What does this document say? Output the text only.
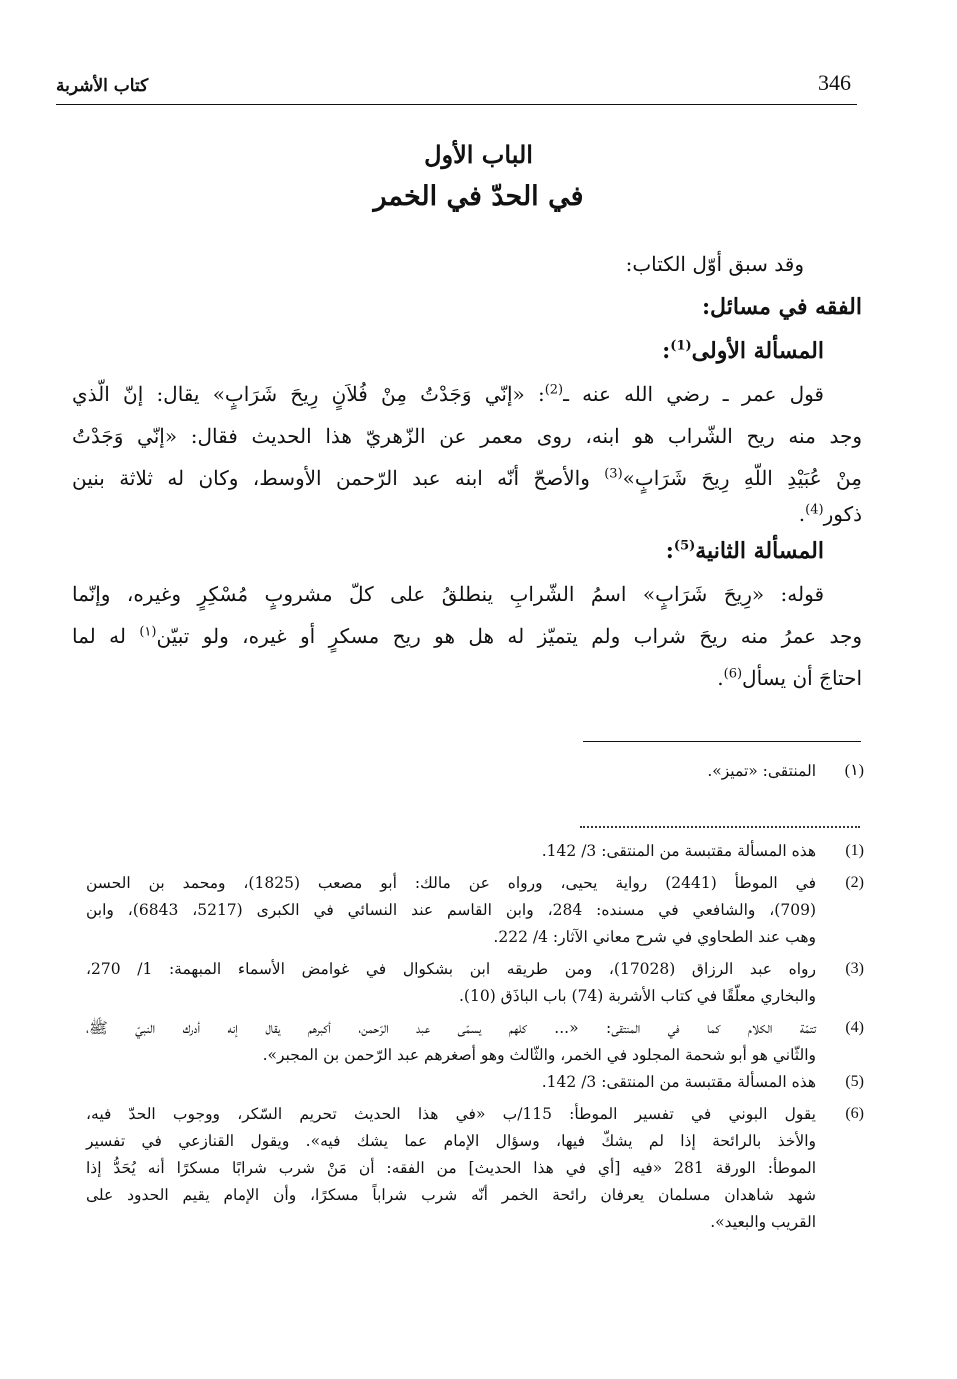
346
كتاب الأشربة
الباب الأول
في الحدّ في الخمر
وقد سبق أوّل الكتاب:
الفقه في مسائل:
المسألة الأولى$^{(1)}$:
قول عمر ـ رضي الله عنه ـ$^{(2)}$: «إنّي وَجَدْتُ مِنْ فُلاَنٍ رِيحَ شَرَابٍ» يقال: إنّ الّذي
وجد منه ريح الشّراب هو ابنه، روى معمر عن الزّهريّ هذا الحديث فقال: «إنّي وَجَدْتُ
مِنْ عُبَيْدِ اللّهِ رِيحَ شَرَابٍ»$^{(3)}$ والأصحّ أنّه ابنه عبد الرّحمن الأوسط، وكان له ثلاثة بنين
ذكور$^{(4)}$.
المسألة الثانية$^{(5)}$:
قوله: «رِيحَ شَرَابٍ» اسمُ الشّرابِ ينطلقُ على كلّ مشروبٍ مُسْكِرٍ وغيره، وإنّما
وجد عمرُ منه ريحَ شراب ولم يتميّز له هل هو ريح مسكرٍ أو غيره، ولو تبيّن$^{(١)}$ له لما
احتاجَ أن يسأل$^{(6)}$.
(١)
المنتقى: «تميز».
(1)
هذه المسألة مقتبسة من المنتقى: 3/ 142.
(2)
في الموطأ (2441) رواية يحيى، ورواه عن مالك: أبو مصعب (1825)، ومحمد بن الحسن
(709)، والشافعي في مسنده: 284، وابن القاسم عند النسائي في الكبرى (5217، 6843)، وابن
وهب عند الطحاوي في شرح معاني الآثار: 4/ 222.
(3)
رواه عبد الرزاق (17028)، ومن طريقه ابن بشكوال في غوامض الأسماء المبهمة: 1/ 270،
والبخاري معلّقًا في كتاب الأشربة (74) باب الباذَق (10).
(4)
تتمّة الكلام كما في المنتقى: «... كلهم يسمّى عبد الرّحمن، أكبرهم يقال إنه أدرك النبيّ ﷺ،
والثّاني هو أبو شحمة المجلود في الخمر، والثّالث وهو أصغرهم عبد الرّحمن بن المجبر».
(5)
هذه المسألة مقتبسة من المنتقى: 3/ 142.
(6)
يقول البوني في تفسير الموطأ: 115/ب «في هذا الحديث تحريم السّكر، ووجوب الحدّ فيه،
والأخذ بالرائحة إذا لم يشكّ فيها، وسؤال الإمام عما يشك فيه». ويقول القنازعي في تفسير
الموطأ: الورقة 281 «فيه [أي في هذا الحديث] من الفقه: أن مَنْ شرب شرابًا مسكرًا أنه يُحَدُّ إذا
شهد شاهدان مسلمان يعرفان رائحة الخمر أنّه شرب شراباً مسكرًا، وأن الإمام يقيم الحدود على
القريب والبعيد».
